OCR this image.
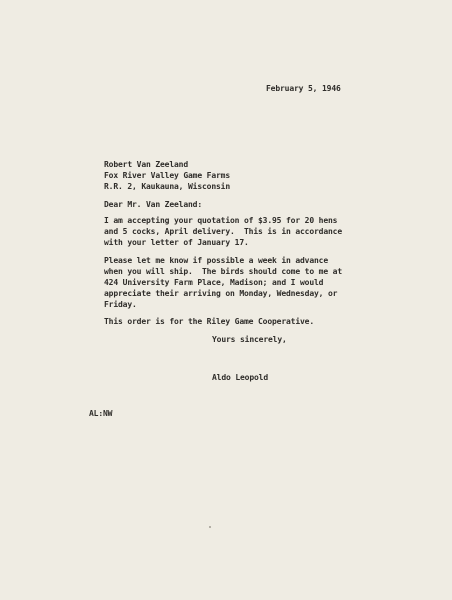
February 5, 1946
Robert Van Zeeland
Fox River Valley Game Farms
R.R. 2, Kaukauna, Wisconsin
Dear Mr. Van Zeeland:
I am accepting your quotation of $3.95 for 20 hens
and 5 cocks, April delivery.  This is in accordance
with your letter of January 17.
Please let me know if possible a week in advance
when you will ship.  The birds should come to me at
424 University Farm Place, Madison; and I would
appreciate their arriving on Monday, Wednesday, or
Friday.
This order is for the Riley Game Cooperative.
Yours sincerely,
Aldo Leopold
AL:NW
